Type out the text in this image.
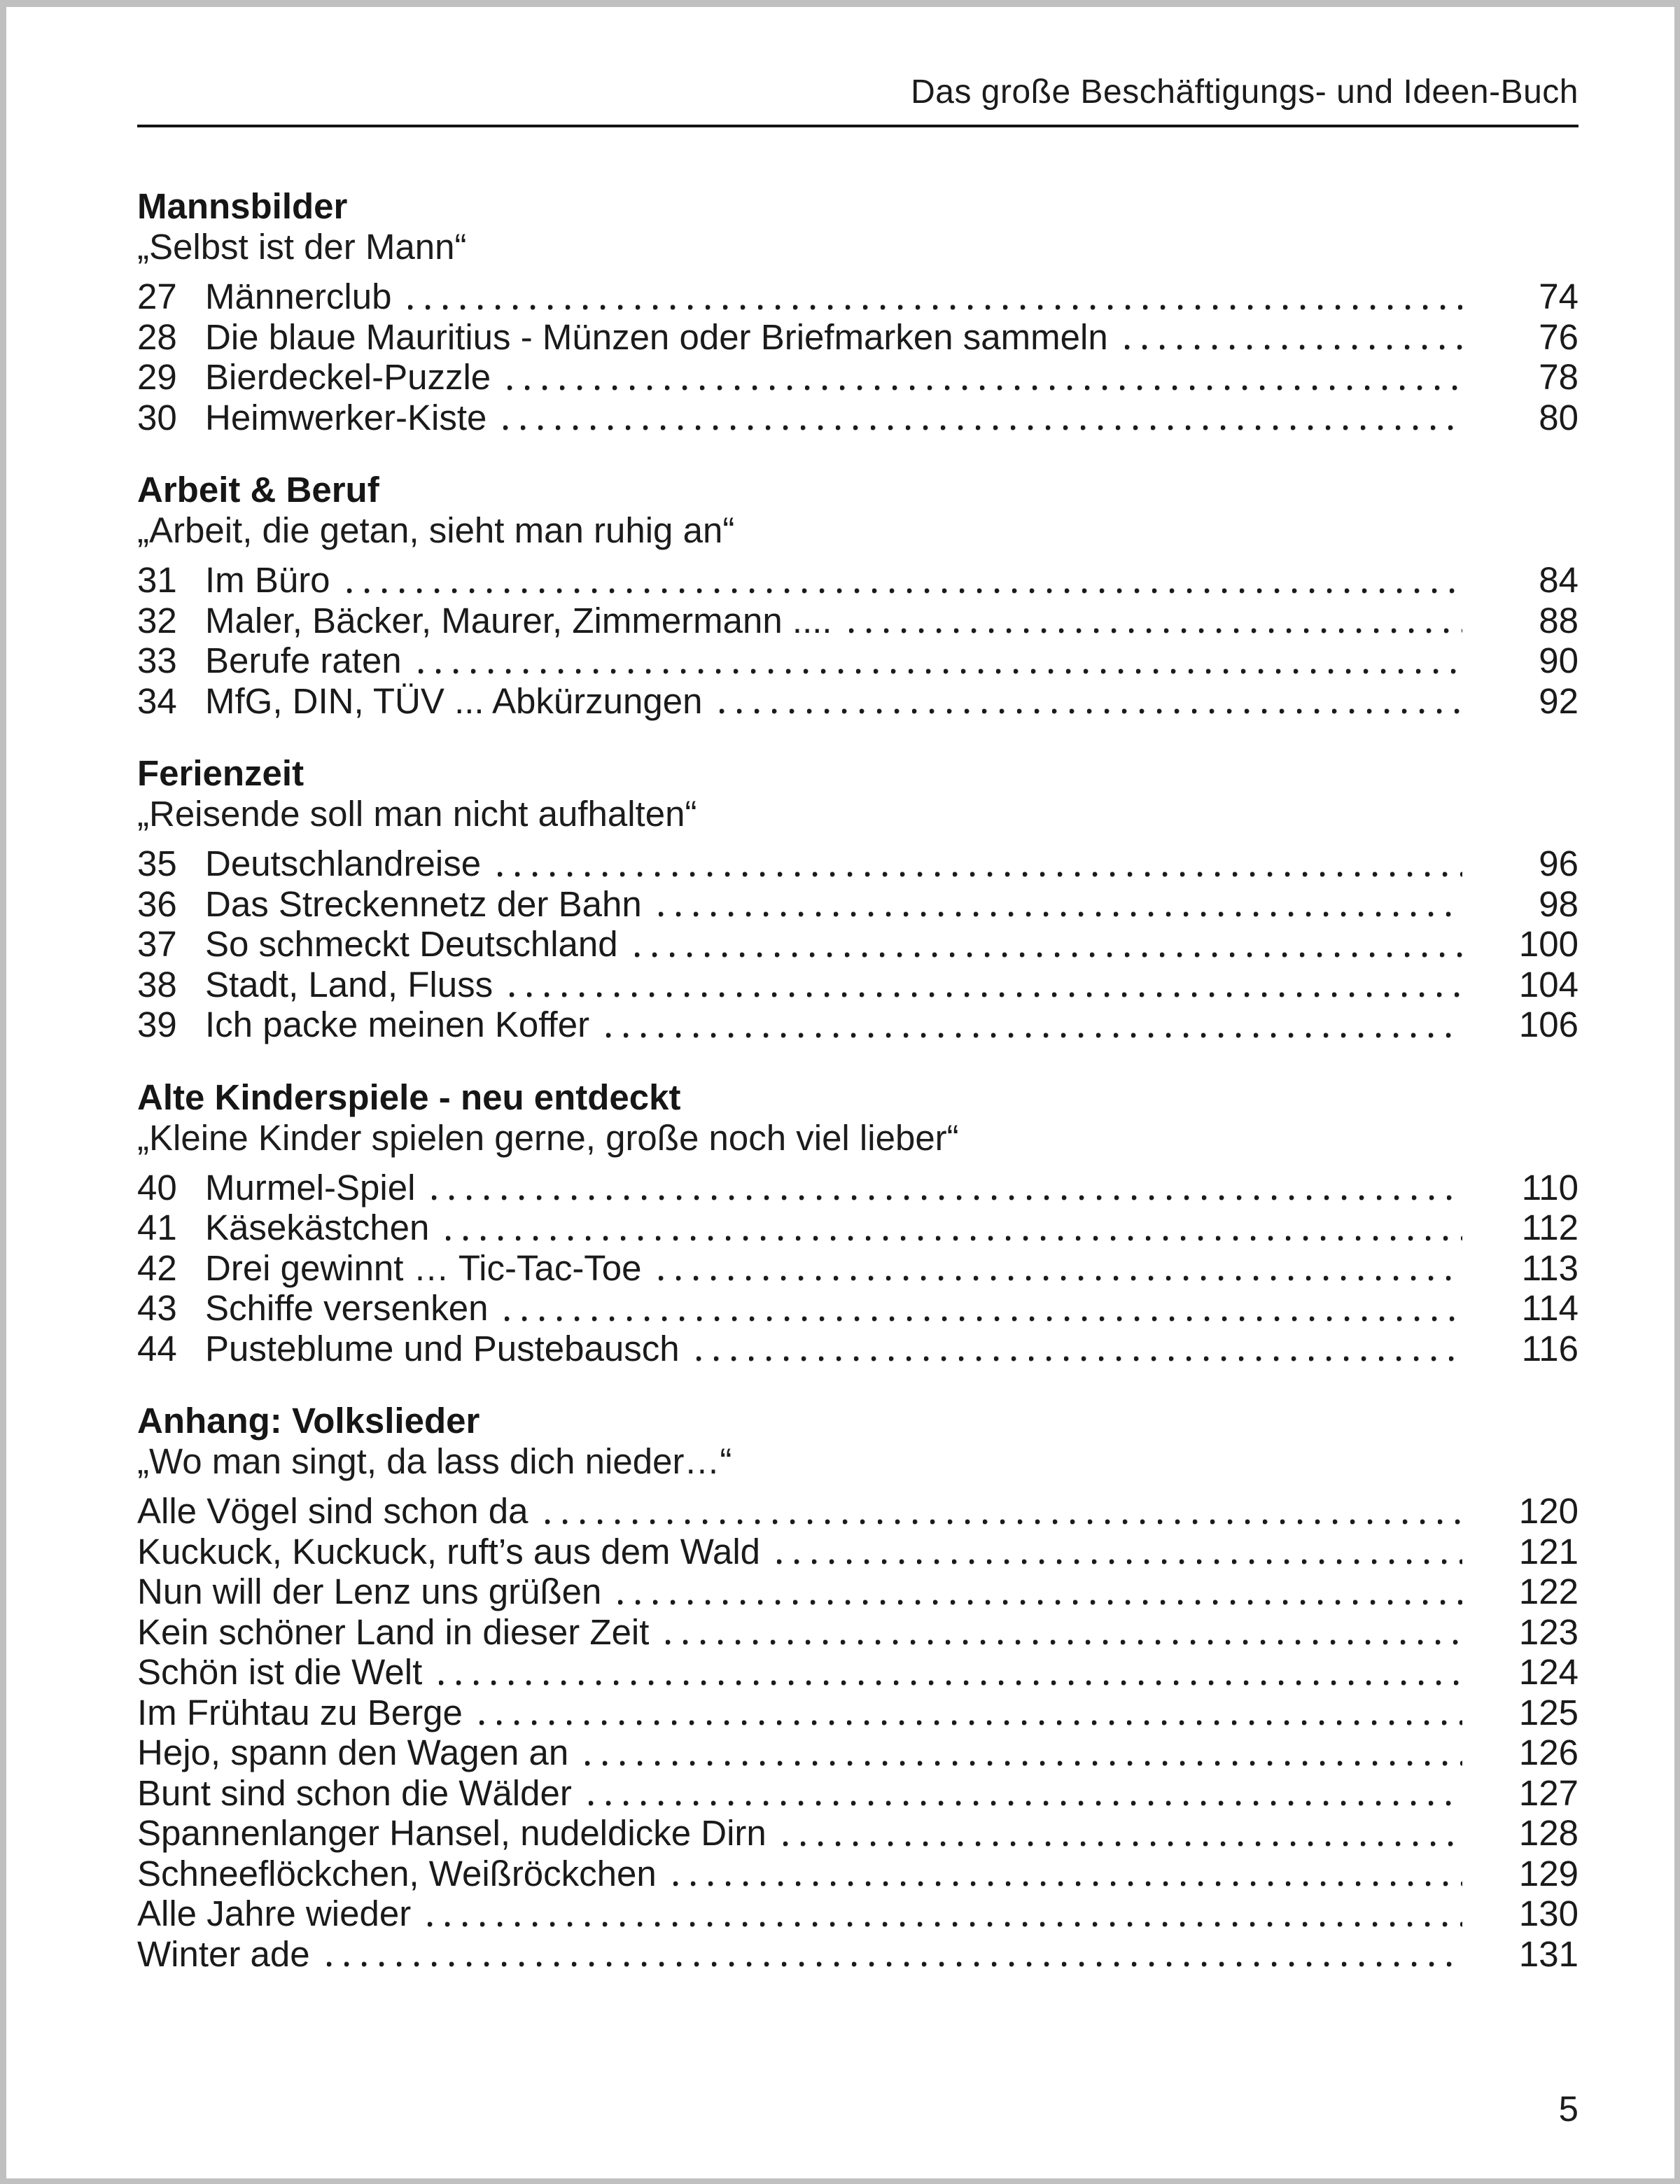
Das große Beschäftigungs- und Ideen-Buch
Mannsbilder
„Selbst ist der Mann“
27 Männerclub	74
28 Die blaue Mauritius - Münzen oder Briefmarken sammeln	76
29 Bierdeckel-Puzzle	78
30 Heimwerker-Kiste	80
Arbeit & Beruf
„Arbeit, die getan, sieht man ruhig an“
31 Im Büro	84
32 Maler, Bäcker, Maurer, Zimmermann ....	88
33 Berufe raten	90
34 MfG, DIN, TÜV ... Abkürzungen	92
Ferienzeit
„Reisende soll man nicht aufhalten“
35 Deutschlandreise	96
36 Das Streckennetz der Bahn	98
37 So schmeckt Deutschland	100
38 Stadt, Land, Fluss	104
39 Ich packe meinen Koffer	106
Alte Kinderspiele - neu entdeckt
„Kleine Kinder spielen gerne, große noch viel lieber“
40 Murmel-Spiel	110
41 Käsekästchen	112
42 Drei gewinnt … Tic-Tac-Toe	113
43 Schiffe versenken	114
44 Pusteblume und Pustebausch	116
Anhang: Volkslieder
„Wo man singt, da lass dich nieder…“
Alle Vögel sind schon da	120
Kuckuck, Kuckuck, ruft’s aus dem Wald	121
Nun will der Lenz uns grüßen	122
Kein schöner Land in dieser Zeit	123
Schön ist die Welt	124
Im Frühtau zu Berge	125
Hejo, spann den Wagen an	126
Bunt sind schon die Wälder	127
Spannenlanger Hansel, nudeldicke Dirn	128
Schneeflöckchen, Weißröckchen	129
Alle Jahre wieder	130
Winter ade	131
5
